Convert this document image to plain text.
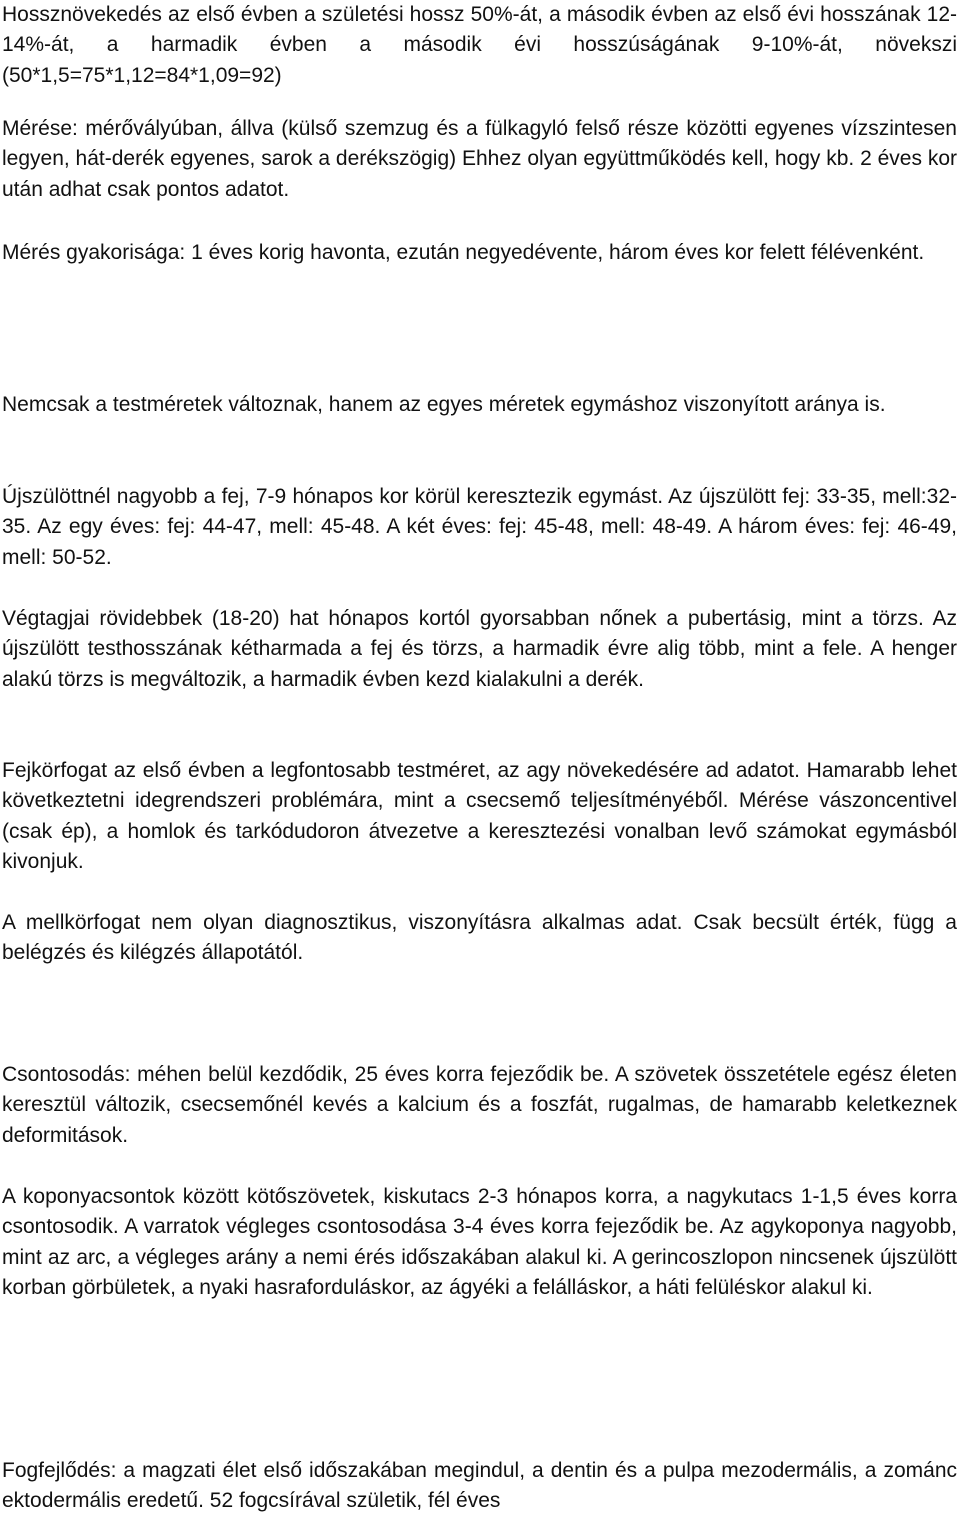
Hossznövekedés az első évben a születési hossz 50%-át, a második évben az első évi hosszának 12-14%-át, a harmadik évben a második évi hosszúságának 9-10%-át, növekszi (50*1,5=75*1,12=84*1,09=92)

Mérése: mérővályúban, állva (külső szemzug és a fülkagyló felső része közötti egyenes vízszintesen legyen, hát-derék egyenes, sarok a derékszögig) Ehhez olyan együttműködés kell, hogy kb. 2 éves kor után adhat csak pontos adatot.

Mérés gyakorisága: 1 éves korig havonta, ezután negyedévente, három éves kor felett félévenként.

Nemcsak a testméretek változnak, hanem az egyes méretek egymáshoz viszonyított aránya is.

Újszülöttnél nagyobb a fej, 7-9 hónapos kor körül keresztezik egymást. Az újszülött fej: 33-35, mell:32-35. Az egy éves: fej: 44-47, mell: 45-48. A két éves: fej: 45-48, mell: 48-49. A három éves: fej: 46-49, mell: 50-52.

Végtagjai rövidebbek (18-20) hat hónapos kortól gyorsabban nőnek a pubertásig, mint a törzs. Az újszülött testhosszának kétharmada a fej és törzs, a harmadik évre alig több, mint a fele. A henger alakú törzs is megváltozik, a harmadik évben kezd kialakulni a derék.

Fejkörfogat az első évben a legfontosabb testméret, az agy növekedésére ad adatot. Hamarabb lehet következtetni idegrendszeri problémára, mint a csecsemő teljesítményéből. Mérése vászoncentivel (csak ép), a homlok és tarkódudoron átvezetve a keresztezési vonalban levő számokat egymásból kivonjuk.

A mellkörfogat nem olyan diagnosztikus, viszonyításra alkalmas adat. Csak becsült érték, függ a belégzés és kilégzés állapotától.

Csontosodás: méhen belül kezdődik, 25 éves korra fejeződik be. A szövetek összetétele egész életen keresztül változik, csecsemőnél kevés a kalcium és a foszfát, rugalmas, de hamarabb keletkeznek deformitások.

A koponyacsontok között kötőszövetek, kiskutacs 2-3 hónapos korra, a nagykutacs 1-1,5 éves korra csontosodik. A varratok végleges csontosodása 3-4 éves korra fejeződik be. Az agykoponya nagyobb, mint az arc, a végleges arány a nemi érés időszakában alakul ki. A gerincoszlopon nincsenek újszülött korban görbületek, a nyaki hasraforduláskor, az ágyéki a felálláskor, a háti felüléskor alakul ki.

Fogfejlődés: a magzati élet első időszakában megindul, a dentin és a pulpa mezodermális, a zománc ektodermális eredetű. 52 fogcsírával születik, fél éves
